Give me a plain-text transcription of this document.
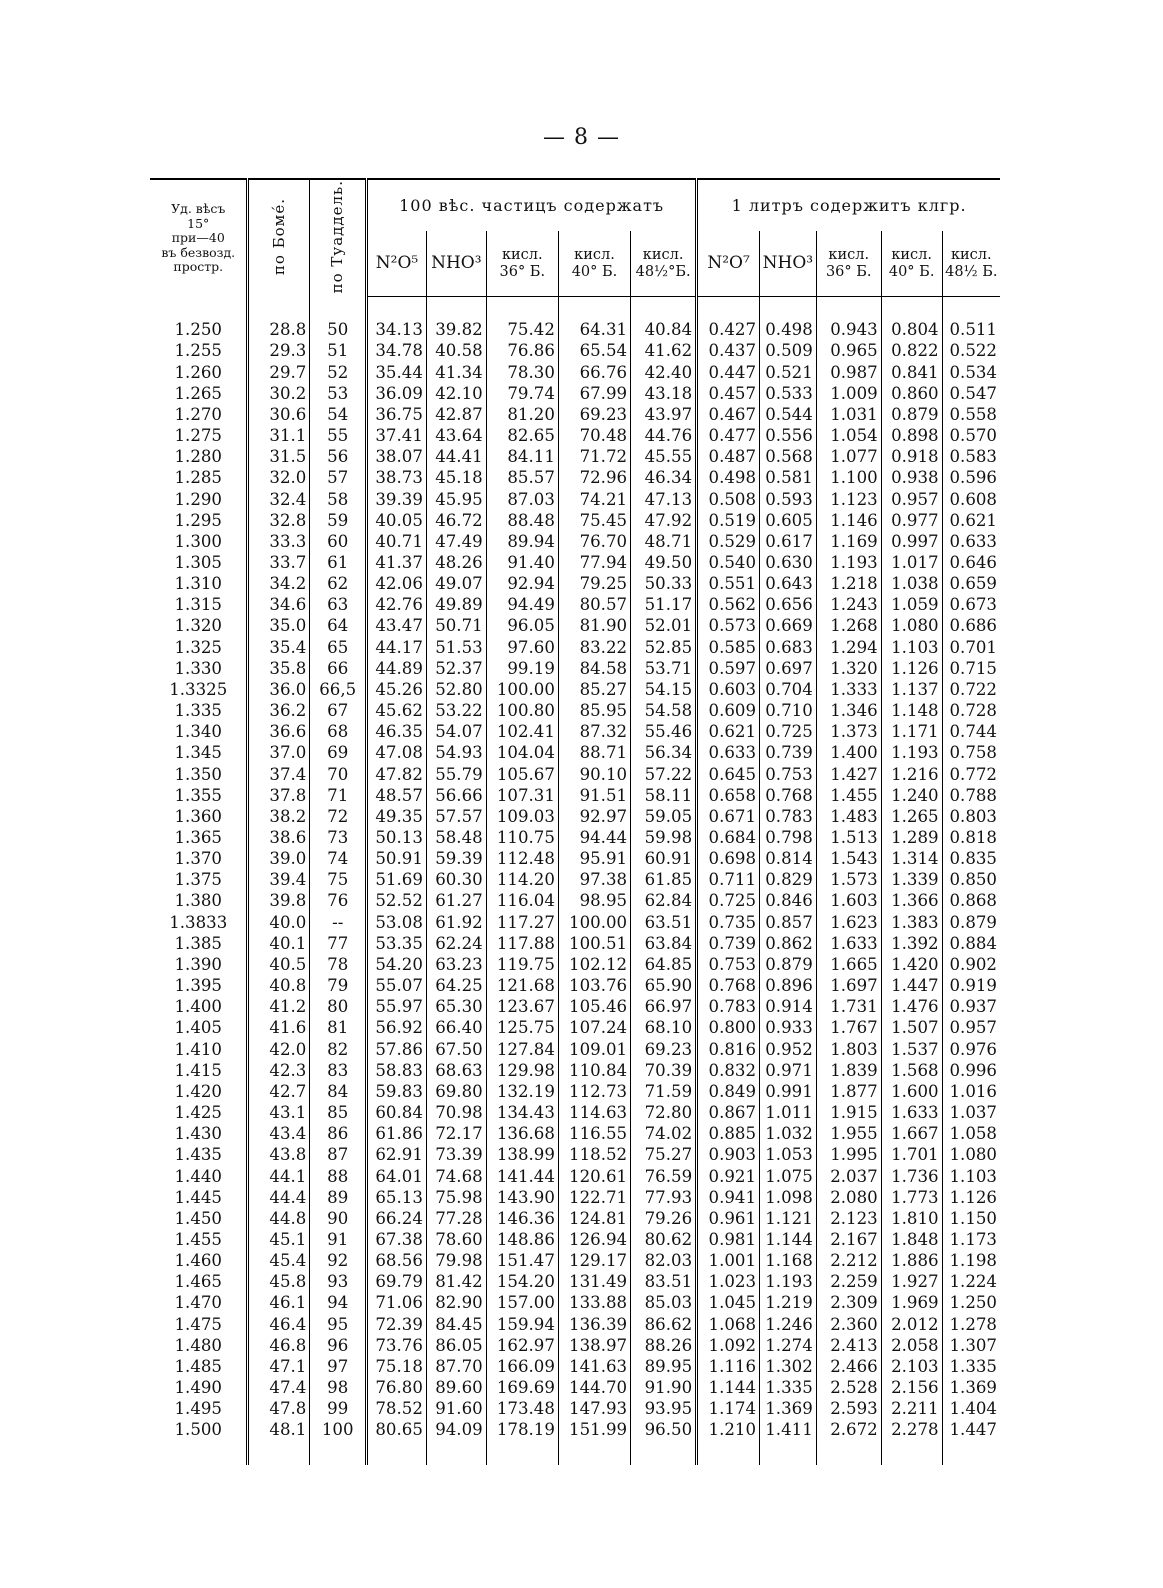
— 8 —
Уд. вѣсъ
15°
при—40
въ безвозд.
простр.	по Бомé.	по Туаддель.	100 вѣс. частицъ содержатъ					1 литръ содержитъ клгр.				
			N²O⁵	NHO³	кисл. 36° Б.	кисл. 40° Б.	кисл. 48½°Б.	N²O⁷	NHO³	кисл. 36° Б.	кисл. 40° Б.	кисл. 48½ Б.

1.250	28.8	50	34.13	39.82	75.42	64.31	40.84	0.427	0.498	0.943	0.804	0.511
1.255	29.3	51	34.78	40.58	76.86	65.54	41.62	0.437	0.509	0.965	0.822	0.522
1.260	29.7	52	35.44	41.34	78.30	66.76	42.40	0.447	0.521	0.987	0.841	0.534
1.265	30.2	53	36.09	42.10	79.74	67.99	43.18	0.457	0.533	1.009	0.860	0.547
1.270	30.6	54	36.75	42.87	81.20	69.23	43.97	0.467	0.544	1.031	0.879	0.558
1.275	31.1	55	37.41	43.64	82.65	70.48	44.76	0.477	0.556	1.054	0.898	0.570
1.280	31.5	56	38.07	44.41	84.11	71.72	45.55	0.487	0.568	1.077	0.918	0.583
1.285	32.0	57	38.73	45.18	85.57	72.96	46.34	0.498	0.581	1.100	0.938	0.596
1.290	32.4	58	39.39	45.95	87.03	74.21	47.13	0.508	0.593	1.123	0.957	0.608
1.295	32.8	59	40.05	46.72	88.48	75.45	47.92	0.519	0.605	1.146	0.977	0.621
1.300	33.3	60	40.71	47.49	89.94	76.70	48.71	0.529	0.617	1.169	0.997	0.633
1.305	33.7	61	41.37	48.26	91.40	77.94	49.50	0.540	0.630	1.193	1.017	0.646
1.310	34.2	62	42.06	49.07	92.94	79.25	50.33	0.551	0.643	1.218	1.038	0.659
1.315	34.6	63	42.76	49.89	94.49	80.57	51.17	0.562	0.656	1.243	1.059	0.673
1.320	35.0	64	43.47	50.71	96.05	81.90	52.01	0.573	0.669	1.268	1.080	0.686
1.325	35.4	65	44.17	51.53	97.60	83.22	52.85	0.585	0.683	1.294	1.103	0.701
1.330	35.8	66	44.89	52.37	99.19	84.58	53.71	0.597	0.697	1.320	1.126	0.715
1.3325	36.0	66,5	45.26	52.80	100.00	85.27	54.15	0.603	0.704	1.333	1.137	0.722
1.335	36.2	67	45.62	53.22	100.80	85.95	54.58	0.609	0.710	1.346	1.148	0.728
1.340	36.6	68	46.35	54.07	102.41	87.32	55.46	0.621	0.725	1.373	1.171	0.744
1.345	37.0	69	47.08	54.93	104.04	88.71	56.34	0.633	0.739	1.400	1.193	0.758
1.350	37.4	70	47.82	55.79	105.67	90.10	57.22	0.645	0.753	1.427	1.216	0.772
1.355	37.8	71	48.57	56.66	107.31	91.51	58.11	0.658	0.768	1.455	1.240	0.788
1.360	38.2	72	49.35	57.57	109.03	92.97	59.05	0.671	0.783	1.483	1.265	0.803
1.365	38.6	73	50.13	58.48	110.75	94.44	59.98	0.684	0.798	1.513	1.289	0.818
1.370	39.0	74	50.91	59.39	112.48	95.91	60.91	0.698	0.814	1.543	1.314	0.835
1.375	39.4	75	51.69	60.30	114.20	97.38	61.85	0.711	0.829	1.573	1.339	0.850
1.380	39.8	76	52.52	61.27	116.04	98.95	62.84	0.725	0.846	1.603	1.366	0.868
1.3833	40.0	--	53.08	61.92	117.27	100.00	63.51	0.735	0.857	1.623	1.383	0.879
1.385	40.1	77	53.35	62.24	117.88	100.51	63.84	0.739	0.862	1.633	1.392	0.884
1.390	40.5	78	54.20	63.23	119.75	102.12	64.85	0.753	0.879	1.665	1.420	0.902
1.395	40.8	79	55.07	64.25	121.68	103.76	65.90	0.768	0.896	1.697	1.447	0.919
1.400	41.2	80	55.97	65.30	123.67	105.46	66.97	0.783	0.914	1.731	1.476	0.937
1.405	41.6	81	56.92	66.40	125.75	107.24	68.10	0.800	0.933	1.767	1.507	0.957
1.410	42.0	82	57.86	67.50	127.84	109.01	69.23	0.816	0.952	1.803	1.537	0.976
1.415	42.3	83	58.83	68.63	129.98	110.84	70.39	0.832	0.971	1.839	1.568	0.996
1.420	42.7	84	59.83	69.80	132.19	112.73	71.59	0.849	0.991	1.877	1.600	1.016
1.425	43.1	85	60.84	70.98	134.43	114.63	72.80	0.867	1.011	1.915	1.633	1.037
1.430	43.4	86	61.86	72.17	136.68	116.55	74.02	0.885	1.032	1.955	1.667	1.058
1.435	43.8	87	62.91	73.39	138.99	118.52	75.27	0.903	1.053	1.995	1.701	1.080
1.440	44.1	88	64.01	74.68	141.44	120.61	76.59	0.921	1.075	2.037	1.736	1.103
1.445	44.4	89	65.13	75.98	143.90	122.71	77.93	0.941	1.098	2.080	1.773	1.126
1.450	44.8	90	66.24	77.28	146.36	124.81	79.26	0.961	1.121	2.123	1.810	1.150
1.455	45.1	91	67.38	78.60	148.86	126.94	80.62	0.981	1.144	2.167	1.848	1.173
1.460	45.4	92	68.56	79.98	151.47	129.17	82.03	1.001	1.168	2.212	1.886	1.198
1.465	45.8	93	69.79	81.42	154.20	131.49	83.51	1.023	1.193	2.259	1.927	1.224
1.470	46.1	94	71.06	82.90	157.00	133.88	85.03	1.045	1.219	2.309	1.969	1.250
1.475	46.4	95	72.39	84.45	159.94	136.39	86.62	1.068	1.246	2.360	2.012	1.278
1.480	46.8	96	73.76	86.05	162.97	138.97	88.26	1.092	1.274	2.413	2.058	1.307
1.485	47.1	97	75.18	87.70	166.09	141.63	89.95	1.116	1.302	2.466	2.103	1.335
1.490	47.4	98	76.80	89.60	169.69	144.70	91.90	1.144	1.335	2.528	2.156	1.369
1.495	47.8	99	78.52	91.60	173.48	147.93	93.95	1.174	1.369	2.593	2.211	1.404
1.500	48.1	100	80.65	94.09	178.19	151.99	96.50	1.210	1.411	2.672	2.278	1.447
